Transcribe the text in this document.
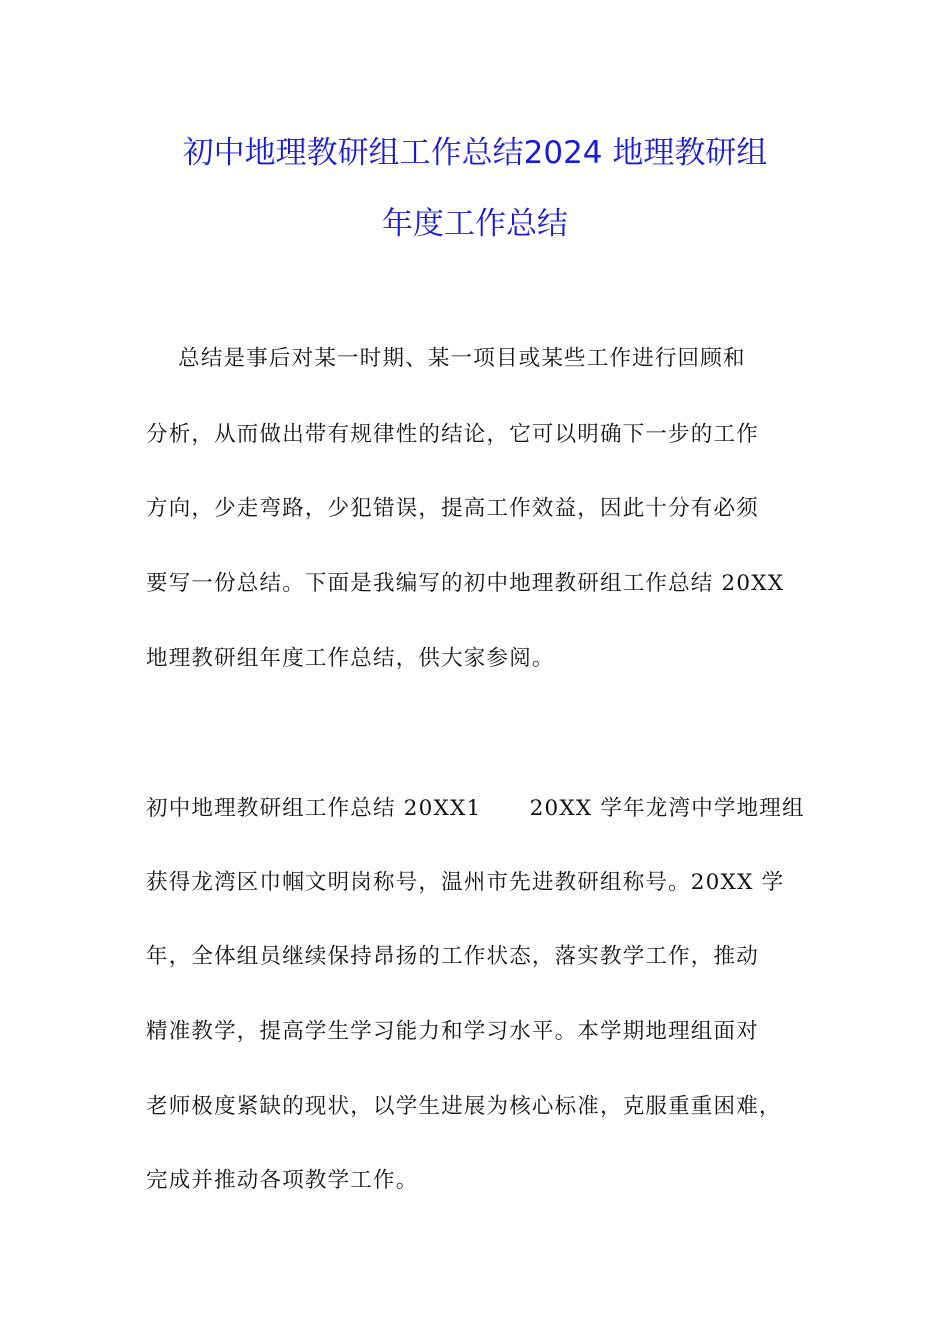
初中地理教研组工作总结2024 地理教研组
年度工作总结
总结是事后对某一时期、某一项目或某些工作进行回顾和
分析，从而做出带有规律性的结论，它可以明确下一步的工作
方向，少走弯路，少犯错误，提高工作效益，因此十分有必须
要写一份总结。下面是我编写的初中地理教研组工作总结 20XX
地理教研组年度工作总结，供大家参阅。
初中地理教研组工作总结 20XX1      20XX 学年龙湾中学地理组
获得龙湾区巾帼文明岗称号，温州市先进教研组称号。20XX 学
年，全体组员继续保持昂扬的工作状态，落实教学工作，推动
精准教学，提高学生学习能力和学习水平。本学期地理组面对
老师极度紧缺的现状，以学生进展为核心标准，克服重重困难，
完成并推动各项教学工作。
